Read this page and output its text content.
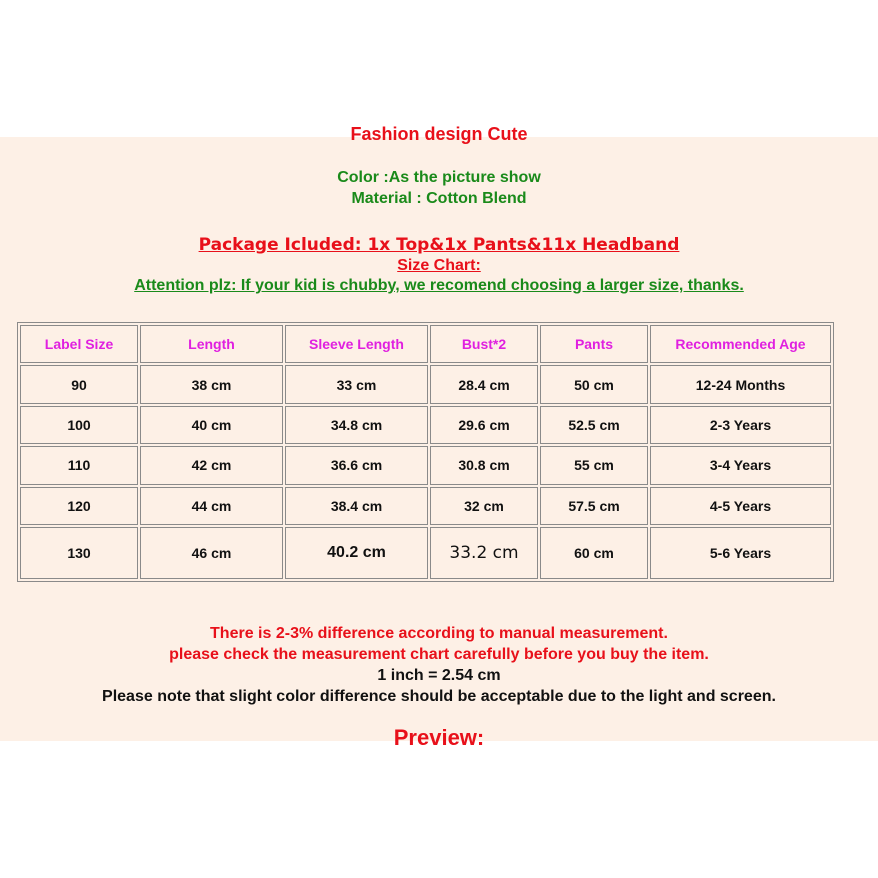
Fashion design Cute
Color :As the picture show
Material : Cotton Blend
Package Icluded: 1x Top&1x Pants&11x Headband
Size Chart:
Attention plz: If your kid is chubby, we recomend choosing a larger size, thanks.
Label Size	Length	Sleeve Length	Bust*2	Pants	Recommended Age
90	38 cm	33 cm	28.4 cm	50 cm	12-24 Months
100	40 cm	34.8 cm	29.6 cm	52.5 cm	2-3 Years
110	42 cm	36.6 cm	30.8 cm	55 cm	3-4 Years
120	44 cm	38.4 cm	32 cm	57.5 cm	4-5 Years
130	46 cm	40.2 cm	33.2 cm	60 cm	5-6 Years
There is 2-3% difference according to manual measurement.
please check the measurement chart carefully before you buy the item.
1 inch = 2.54 cm
Please note that slight color difference should be acceptable due to the light and screen.
Preview:
